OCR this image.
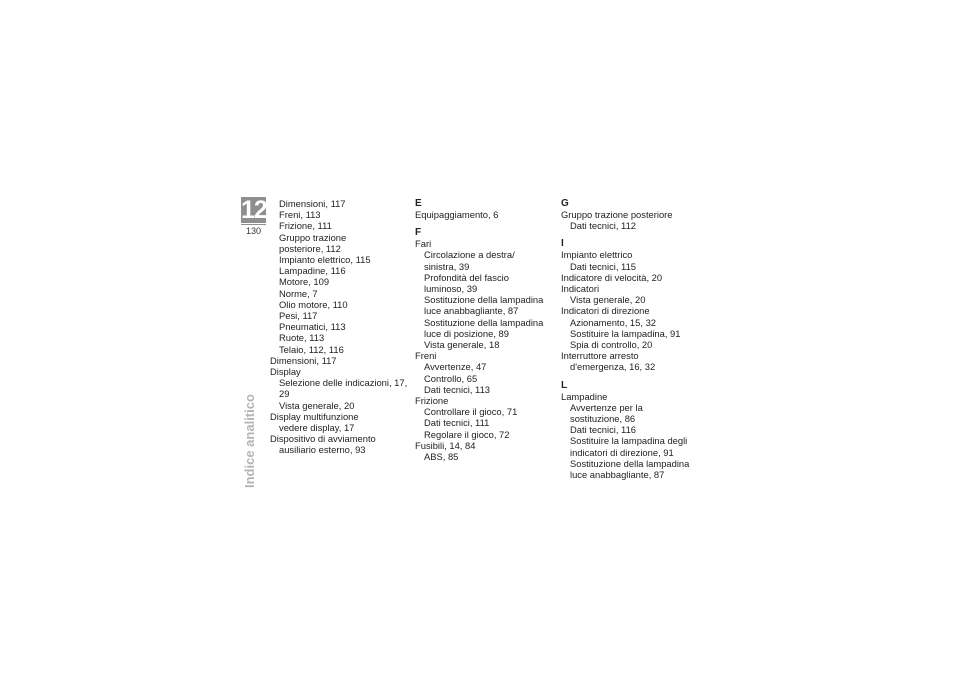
12
130
Indice analitico
Dimensioni, 117
Freni, 113
Frizione, 111
Gruppo trazione
posteriore, 112
Impianto elettrico, 115
Lampadine, 116
Motore, 109
Norme, 7
Olio motore, 110
Pesi, 117
Pneumatici, 113
Ruote, 113
Telaio, 112, 116
Dimensioni, 117
Display
Selezione delle indicazioni, 17,
29
Vista generale, 20
Display multifunzione
vedere display, 17
Dispositivo di avviamento
ausiliario esterno, 93
E
Equipaggiamento, 6
F
Fari
Circolazione a destra/
sinistra, 39
Profondità del fascio
luminoso, 39
Sostituzione della lampadina
luce anabbagliante, 87
Sostituzione della lampadina
luce di posizione, 89
Vista generale, 18
Freni
Avvertenze, 47
Controllo, 65
Dati tecnici, 113
Frizione
Controllare il gioco, 71
Dati tecnici, 111
Regolare il gioco, 72
Fusibili, 14, 84
ABS, 85
G
Gruppo trazione posteriore
Dati tecnici, 112
I
Impianto elettrico
Dati tecnici, 115
Indicatore di velocità, 20
Indicatori
Vista generale, 20
Indicatori di direzione
Azionamento, 15, 32
Sostituire la lampadina, 91
Spia di controllo, 20
Interruttore arresto
d'emergenza, 16, 32
L
Lampadine
Avvertenze per la
sostituzione, 86
Dati tecnici, 116
Sostituire la lampadina degli
indicatori di direzione, 91
Sostituzione della lampadina
luce anabbagliante, 87
